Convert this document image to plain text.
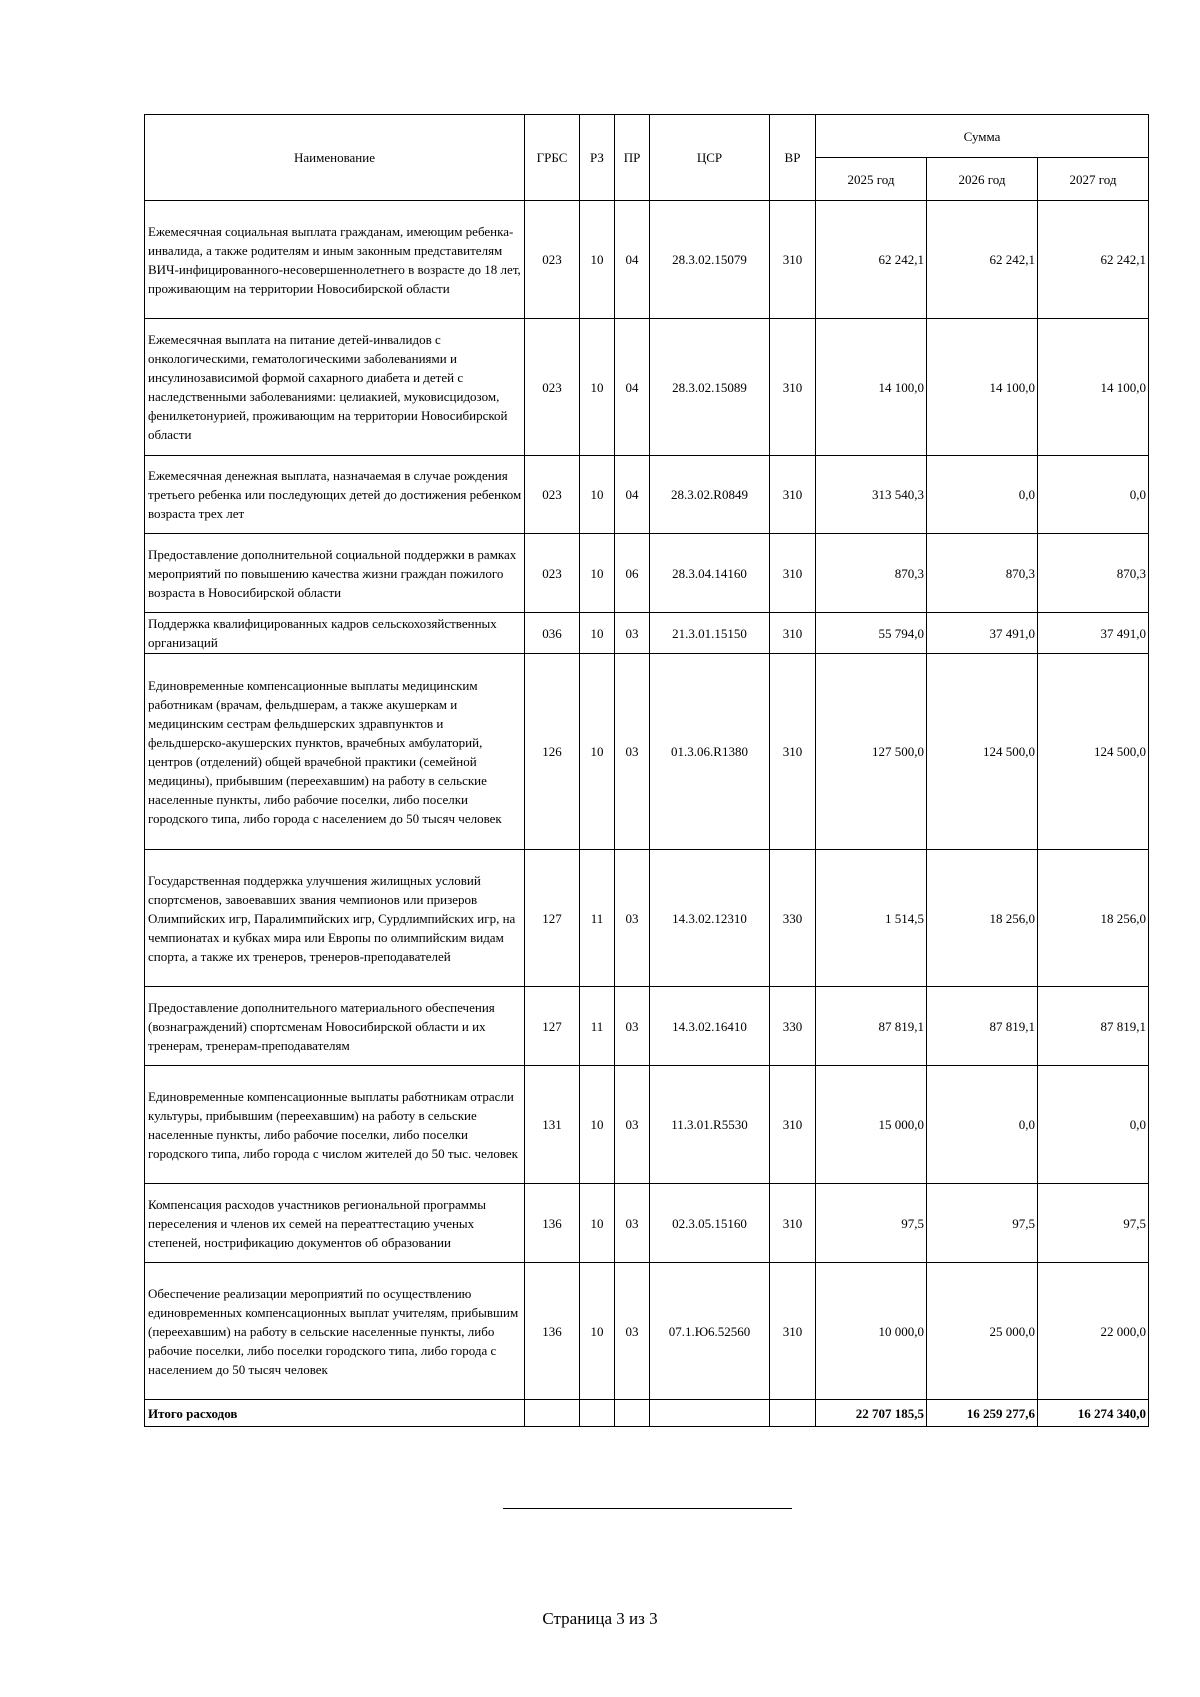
Наименование	ГРБС	РЗ	ПР	ЦСР	ВР	Сумма		
						2025 год	2026 год	2027 год
Ежемесячная социальная выплата гражданам, имеющим ребенка-инвалида, а также родителям и иным законным представителям ВИЧ-инфицированного-несовершеннолетнего в возрасте до 18 лет, проживающим на территории Новосибирской области	023	10	04	28.3.02.15079	310	62 242,1	62 242,1	62 242,1
Ежемесячная выплата на питание детей-инвалидов с онкологическими, гематологическими заболеваниями и инсулинозависимой формой сахарного диабета и детей с наследственными заболеваниями: целиакией, муковисцидозом, фенилкетонурией, проживающим на территории Новосибирской области	023	10	04	28.3.02.15089	310	14 100,0	14 100,0	14 100,0
Ежемесячная денежная выплата, назначаемая в случае рождения третьего ребенка или последующих детей до достижения ребенком возраста трех лет	023	10	04	28.3.02.R0849	310	313 540,3	0,0	0,0
Предоставление дополнительной социальной поддержки в рамках мероприятий по повышению качества жизни граждан пожилого возраста в Новосибирской области	023	10	06	28.3.04.14160	310	870,3	870,3	870,3
Поддержка квалифицированных кадров сельскохозяйственных организаций	036	10	03	21.3.01.15150	310	55 794,0	37 491,0	37 491,0
Единовременные компенсационные выплаты медицинским работникам (врачам, фельдшерам, а также акушеркам и медицинским сестрам фельдшерских здравпунктов и фельдшерско-акушерских пунктов, врачебных амбулаторий, центров (отделений) общей врачебной практики (семейной медицины), прибывшим (переехавшим) на работу в сельские населенные пункты, либо рабочие поселки, либо поселки городского типа, либо города с населением до 50 тысяч человек	126	10	03	01.3.06.R1380	310	127 500,0	124 500,0	124 500,0
Государственная поддержка улучшения жилищных условий спортсменов, завоевавших звания чемпионов или призеров Олимпийских игр, Паралимпийских игр, Сурдлимпийских игр, на чемпионатах и кубках мира или Европы по олимпийским видам спорта, а также их тренеров, тренеров-преподавателей	127	11	03	14.3.02.12310	330	1 514,5	18 256,0	18 256,0
Предоставление дополнительного материального обеспечения (вознаграждений) спортсменам Новосибирской области и их тренерам, тренерам-преподавателям	127	11	03	14.3.02.16410	330	87 819,1	87 819,1	87 819,1
Единовременные компенсационные выплаты работникам отрасли культуры, прибывшим (переехавшим) на работу в сельские населенные пункты, либо рабочие поселки, либо поселки городского типа, либо города с числом жителей до 50 тыс. человек	131	10	03	11.3.01.R5530	310	15 000,0	0,0	0,0
Компенсация расходов участников региональной программы переселения и членов их семей на переаттестацию ученых степеней, нострификацию документов об образовании	136	10	03	02.3.05.15160	310	97,5	97,5	97,5
Обеспечение реализации мероприятий по осуществлению единовременных компенсационных выплат учителям, прибывшим (переехавшим) на работу в сельские населенные пункты, либо рабочие поселки, либо поселки городского типа, либо города с населением до 50 тысяч человек	136	10	03	07.1.Ю6.52560	310	10 000,0	25 000,0	22 000,0
Итого расходов						22 707 185,5	16 259 277,6	16 274 340,0
Страница 3 из 3
